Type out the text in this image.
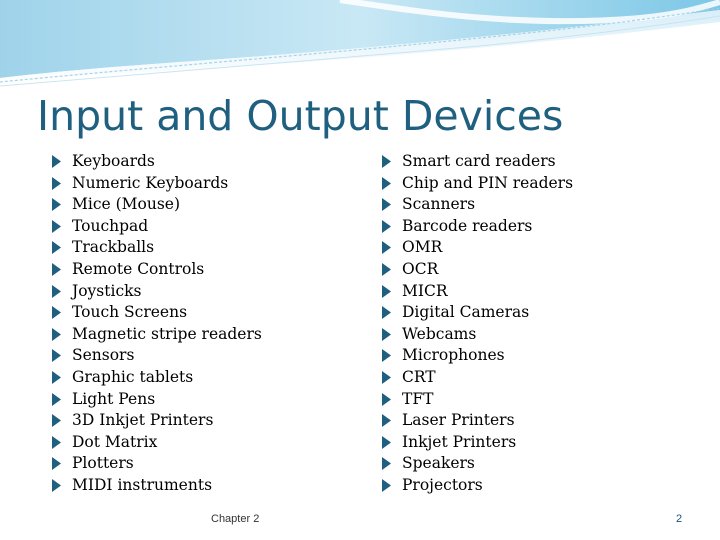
Input and Output Devices
Keyboards
Numeric Keyboards
Mice (Mouse)
Touchpad
Trackballs
Remote Controls
Joysticks
Touch Screens
Magnetic stripe readers
Sensors
Graphic tablets
Light Pens
3D Inkjet Printers
Dot Matrix
Plotters
MIDI instruments
Smart card readers
Chip and PIN readers
Scanners
Barcode readers
OMR
OCR
MICR
Digital Cameras
Webcams
Microphones
CRT
TFT
Laser Printers
Inkjet Printers
Speakers
Projectors
Chapter 2	2
